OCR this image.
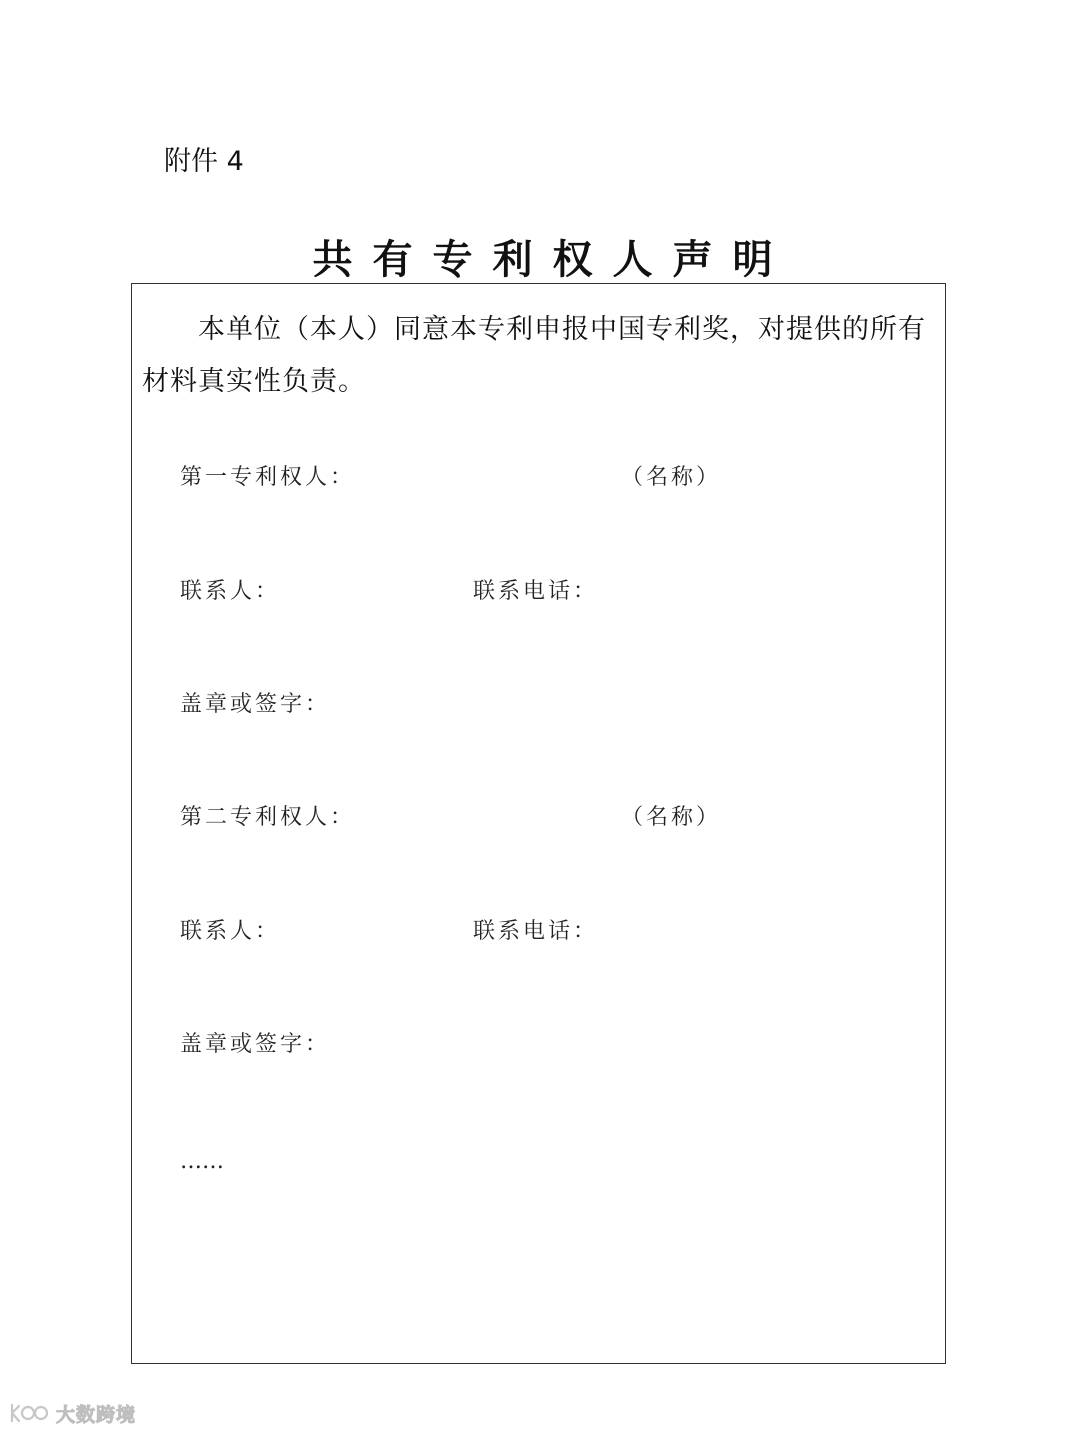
附件 4
共有专利权人声明
本单位（本人）同意本专利申报中国专利奖，对提供的所有材料真实性负责。
第一专利权人：	（名称）
联系人：	联系电话：
盖章或签字：
第二专利权人：	（名称）
联系人：	联系电话：
盖章或签字：
……
大数跨境
